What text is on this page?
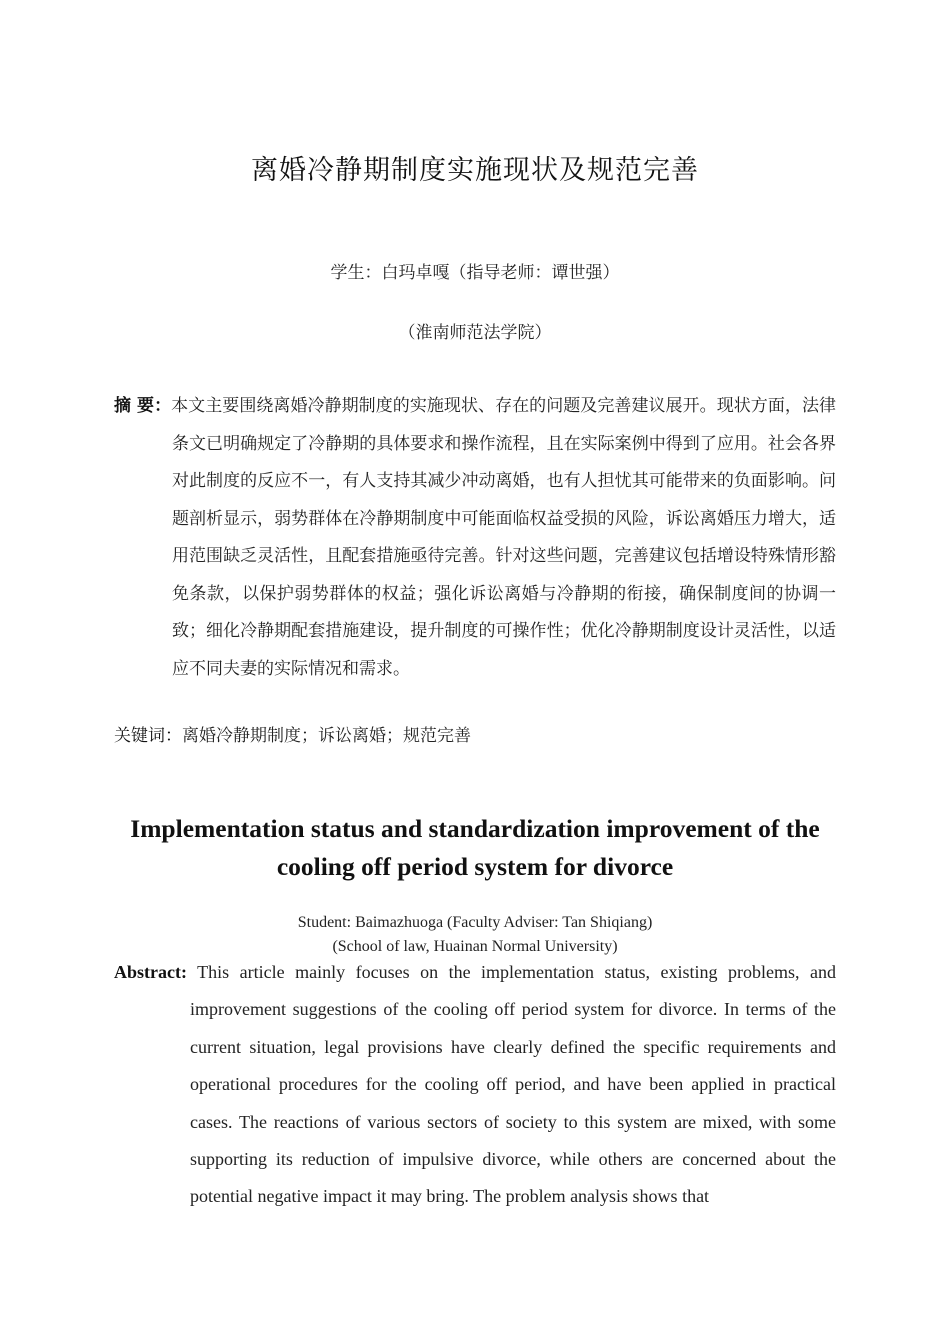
离婚冷静期制度实施现状及规范完善
学生：白玛卓嘎（指导老师：谭世强）
（淮南师范法学院）
摘 要：本文主要围绕离婚冷静期制度的实施现状、存在的问题及完善建议展开。现状方面，法律条文已明确规定了冷静期的具体要求和操作流程，且在实际案例中得到了应用。社会各界对此制度的反应不一，有人支持其减少冲动离婚，也有人担忧其可能带来的负面影响。问题剖析显示，弱势群体在冷静期制度中可能面临权益受损的风险，诉讼离婚压力增大，适用范围缺乏灵活性，且配套措施亟待完善。针对这些问题，完善建议包括增设特殊情形豁免条款，以保护弱势群体的权益；强化诉讼离婚与冷静期的衔接，确保制度间的协调一致；细化冷静期配套措施建设，提升制度的可操作性；优化冷静期制度设计灵活性，以适应不同夫妻的实际情况和需求。
关键词：离婚冷静期制度；诉讼离婚；规范完善
Implementation status and standardization improvement of the cooling off period system for divorce
Student: Baimazhuoga (Faculty Adviser: Tan Shiqiang)
(School of law, Huainan Normal University)
Abstract: This article mainly focuses on the implementation status, existing problems, and improvement suggestions of the cooling off period system for divorce. In terms of the current situation, legal provisions have clearly defined the specific requirements and operational procedures for the cooling off period, and have been applied in practical cases. The reactions of various sectors of society to this system are mixed, with some supporting its reduction of impulsive divorce, while others are concerned about the potential negative impact it may bring. The problem analysis shows that
